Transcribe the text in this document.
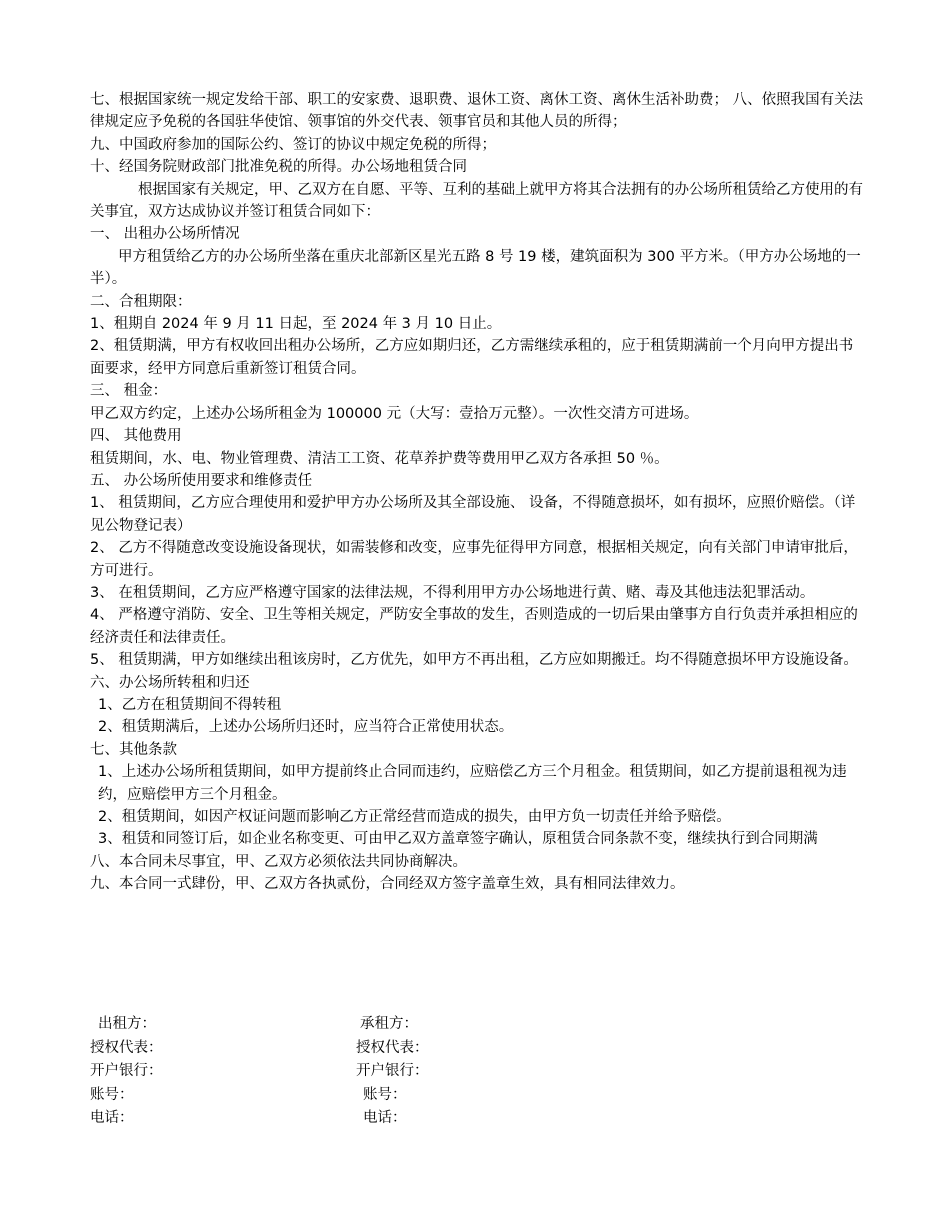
七、根据国家统一规定发给干部、职工的安家费、退职费、退休工资、离休工资、离休生活补助费； 八、依照我国有关法律规定应予免税的各国驻华使馆、领事馆的外交代表、领事官员和其他人员的所得；

九、中国政府参加的国际公约、签订的协议中规定免税的所得；

十、经国务院财政部门批准免税的所得。办公场地租赁合同

根据国家有关规定，甲、乙双方在自愿、平等、互利的基础上就甲方将其合法拥有的办公场所租赁给乙方使用的有关事宜，双方达成协议并签订租赁合同如下：

一、 出租办公场所情况

甲方租赁给乙方的办公场所坐落在重庆北部新区星光五路 8 号 19 楼，建筑面积为 300 平方米。（甲方办公场地的一半）。

二、合租期限：

1、租期自 2024 年 9 月 11 日起，至 2024 年 3 月 10 日止。

2、租赁期满，甲方有权收回出租办公场所，乙方应如期归还，乙方需继续承租的，应于租赁期满前一个月向甲方提出书面要求，经甲方同意后重新签订租赁合同。

三、 租金：

甲乙双方约定，上述办公场所租金为 100000 元（大写：壹拾万元整）。一次性交清方可进场。

四、 其他费用

租赁期间，水、电、物业管理费、清洁工工资、花草养护费等费用甲乙双方各承担 50 ％。

五、 办公场所使用要求和维修责任

1、 租赁期间，乙方应合理使用和爱护甲方办公场所及其全部设施、 设备，不得随意损坏，如有损坏，应照价赔偿。（详见公物登记表）

2、 乙方不得随意改变设施设备现状，如需装修和改变，应事先征得甲方同意，根据相关规定，向有关部门申请审批后，方可进行。

3、 在租赁期间，乙方应严格遵守国家的法律法规，不得利用甲方办公场地进行黄、赌、毒及其他违法犯罪活动。

4、 严格遵守消防、安全、卫生等相关规定，严防安全事故的发生，否则造成的一切后果由肇事方自行负责并承担相应的经济责任和法律责任。

5、 租赁期满，甲方如继续出租该房时，乙方优先，如甲方不再出租，乙方应如期搬迁。均不得随意损坏甲方设施设备。

六、办公场所转租和归还

1、乙方在租赁期间不得转租

2、租赁期满后，上述办公场所归还时，应当符合正常使用状态。

七、其他条款

1、上述办公场所租赁期间，如甲方提前终止合同而违约，应赔偿乙方三个月租金。租赁期间，如乙方提前退租视为违约，应赔偿甲方三个月租金。

2、租赁期间，如因产权证问题而影响乙方正常经营而造成的损失，由甲方负一切责任并给予赔偿。

3、租赁和同签订后，如企业名称变更、可由甲乙双方盖章签字确认，原租赁合同条款不变，继续执行到合同期满

八、本合同未尽事宜，甲、乙双方必须依法共同协商解决。

九、本合同一式肆份，甲、乙双方各执贰份，合同经双方签字盖章生效，具有相同法律效力。

出租方：	承租方：
授权代表：	授权代表：
开户银行：	开户银行：
账号：	账号：
电话：	电话：
